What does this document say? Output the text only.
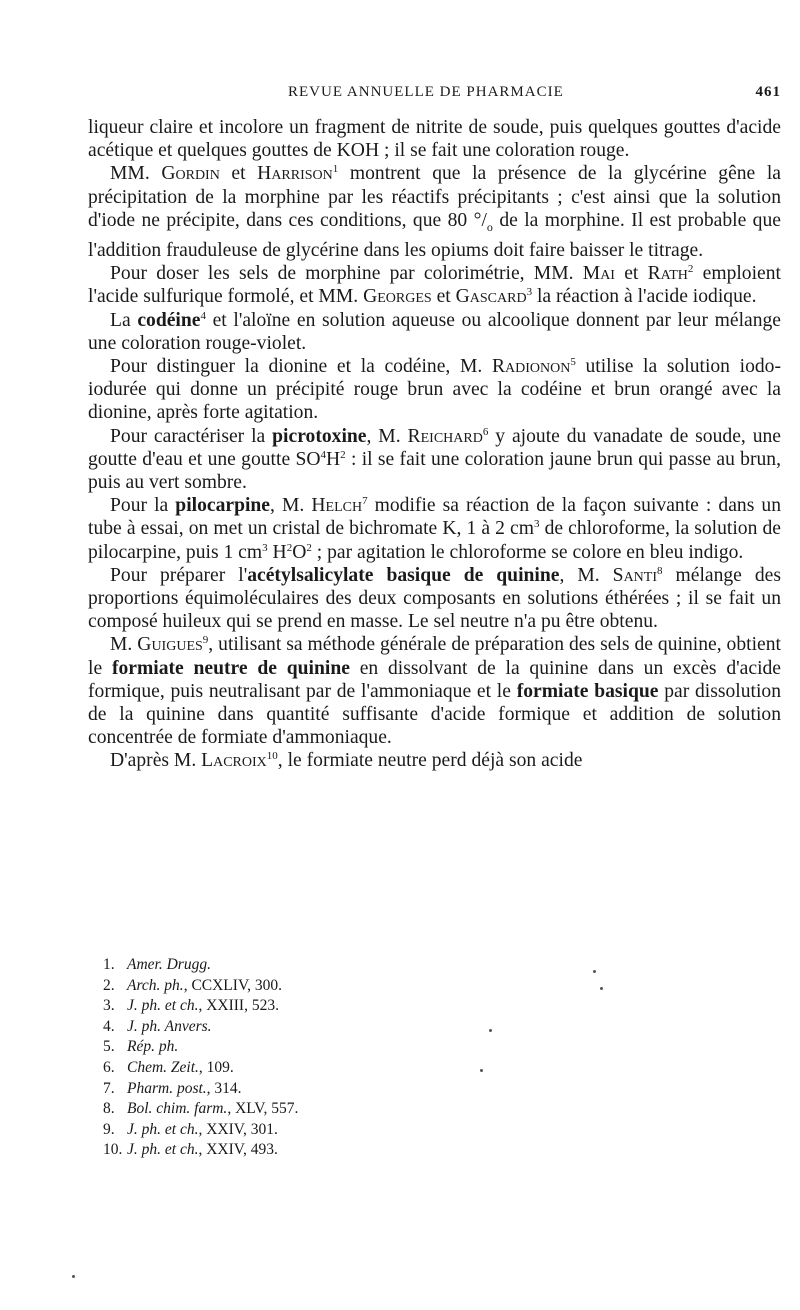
REVUE ANNUELLE DE PHARMACIE	461

liqueur claire et incolore un fragment de nitrite de soude, puis quelques gouttes d'acide acétique et quelques gouttes de KOH ; il se fait une coloration rouge.

MM. Gordin et Harrison$^1$ montrent que la présence de la glycérine gêne la précipitation de la morphine par les réactifs précipitants ; c'est ainsi que la solution d'iode ne précipite, dans ces conditions, que 80 $^\circ/_o$ de la morphine. Il est probable que l'addition frauduleuse de glycérine dans les opiums doit faire baisser le titrage.

Pour doser les sels de morphine par colorimétrie, MM. Mai et Rath$^2$ emploient l'acide sulfurique formolé, et MM. Georges et Gascard$^3$ la réaction à l'acide iodique.

La codéine$^4$ et l'aloïne en solution aqueuse ou alcoolique donnent par leur mélange une coloration rouge-violet.

Pour distinguer la dionine et la codéine, M. Radionon$^5$ utilise la solution iodo-iodurée qui donne un précipité rouge brun avec la codéine et brun orangé avec la dionine, après forte agitation.

Pour caractériser la picrotoxine, M. Reichard$^6$ y ajoute du vanadate de soude, une goutte d'eau et une goutte $SO^4H^2$ : il se fait une coloration jaune brun qui passe au brun, puis au vert sombre.

Pour la pilocarpine, M. Helch$^7$ modifie sa réaction de la façon suivante : dans un tube à essai, on met un cristal de bichromate K, 1 à 2 $cm^3$ de chloroforme, la solution de pilocarpine, puis 1 $cm^3$ $H^2O^2$ ; par agitation le chloroforme se colore en bleu indigo.

Pour préparer l'acétylsalicylate basique de quinine, M. Santi$^8$ mélange des proportions équimoléculaires des deux composants en solutions éthérées ; il se fait un composé huileux qui se prend en masse. Le sel neutre n'a pu être obtenu.

M. Guigues$^9$, utilisant sa méthode générale de préparation des sels de quinine, obtient le formiate neutre de quinine en dissolvant de la quinine dans un excès d'acide formique, puis neutralisant par de l'ammoniaque et le formiate basique par dissolution de la quinine dans quantité suffisante d'acide formique et addition de solution concentrée de formiate d'ammoniaque.

D'après M. Lacroix$^{10}$, le formiate neutre perd déjà son acide

1. Amer. Drugg.
2. Arch. ph., CCXLIV, 300.
3. J. ph. et ch., XXIII, 523.
4. J. ph. Anvers.
5. Rép. ph.
6. Chem. Zeit., 109.
7. Pharm. post., 314.
8. Bol. chim. farm., XLV, 557.
9. J. ph. et ch., XXIV, 301.
10. J. ph. et ch., XXIV, 493.
